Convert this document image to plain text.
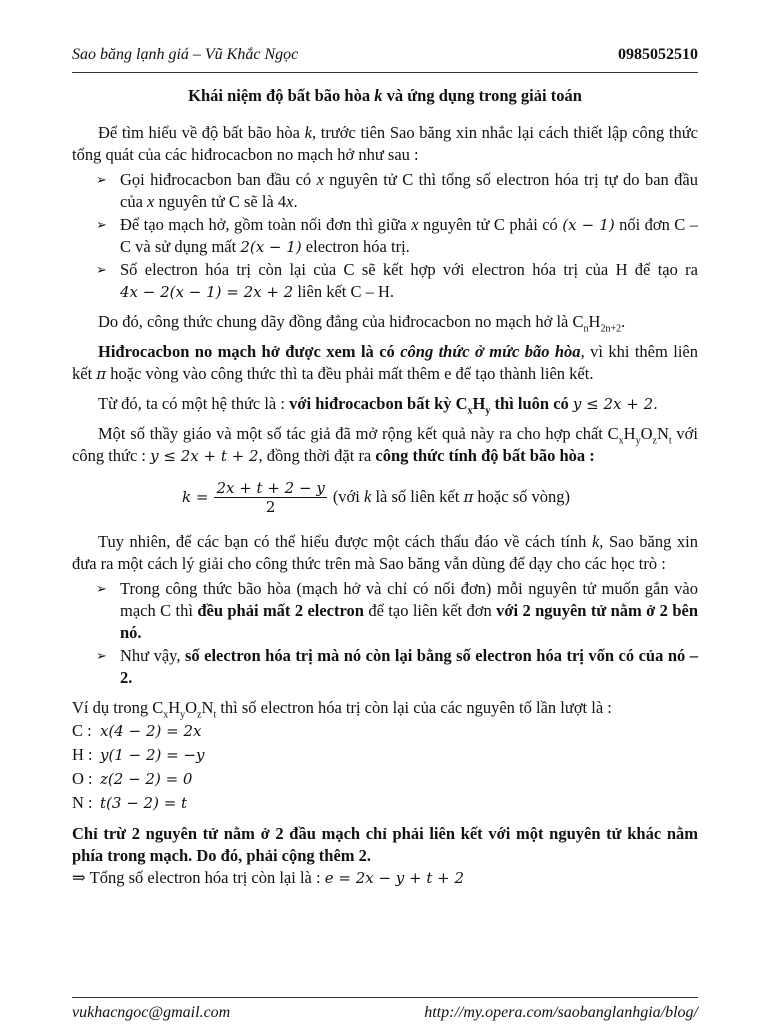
Sao băng lạnh giá – Vũ Khắc Ngọc	0985052510
Khái niệm độ bất bão hòa k và ứng dụng trong giải toán

Để tìm hiểu về độ bất bão hòa k, trước tiên Sao băng xin nhắc lại cách thiết lập công thức tổng quát của các hiđrocacbon no mạch hở như sau :

➢ Gọi hiđrocacbon ban đầu có x nguyên tử C thì tổng số electron hóa trị tự do ban đầu của x nguyên tử C sẽ là 4x.
➢ Để tạo mạch hở, gồm toàn nối đơn thì giữa x nguyên tử C phải có (x − 1) nối đơn C – C và sử dụng mất 2(x − 1) electron hóa trị.
➢ Số electron hóa trị còn lại của C sẽ kết hợp với electron hóa trị của H để tạo ra 4x − 2(x − 1) = 2x + 2 liên kết C – H.

Do đó, công thức chung dãy đồng đẳng của hiđrocacbon no mạch hở là $C_nH_{2n+2}$.

Hiđrocacbon no mạch hở được xem là có công thức ở mức bão hòa, vì khi thêm liên kết π hoặc vòng vào công thức thì ta đều phải mất thêm e để tạo thành liên kết.

Từ đó, ta có một hệ thức là : với hiđrocacbon bất kỳ $C_xH_y$ thì luôn có y ≤ 2x + 2.

Một số thầy giáo và một số tác giả đã mở rộng kết quả này ra cho hợp chất $C_xH_yO_zN_t$ với công thức : y ≤ 2x + t + 2, đồng thời đặt ra công thức tính độ bất bão hòa :

$k = \frac{2x + t + 2 - y}{2}$ (với k là số liên kết π hoặc số vòng)

Tuy nhiên, để các bạn có thể hiểu được một cách thấu đáo về cách tính k, Sao băng xin đưa ra một cách lý giải cho công thức trên mà Sao băng vẫn dùng để dạy cho các học trò :

➢ Trong công thức bão hòa (mạch hở và chỉ có nối đơn) mỗi nguyên tử muốn gắn vào mạch C thì đều phải mất 2 electron để tạo liên kết đơn với 2 nguyên tử nằm ở 2 bên nó.
➢ Như vậy, số electron hóa trị mà nó còn lại bằng số electron hóa trị vốn có của nó – 2.

Ví dụ trong $C_xH_yO_zN_t$ thì số electron hóa trị còn lại của các nguyên tố lần lượt là :

C : x(4 − 2) = 2x
H : y(1 − 2) = −y
O : z(2 − 2) = 0
N : t(3 − 2) = t

Chỉ trừ 2 nguyên tử nằm ở 2 đầu mạch chỉ phải liên kết với một nguyên tử khác nằm phía trong mạch. Do đó, phải cộng thêm 2.

⇒ Tổng số electron hóa trị còn lại là : e = 2x − y + t + 2

vukhacngoc@gmail.com	http://my.opera.com/saobanglanhgia/blog/
